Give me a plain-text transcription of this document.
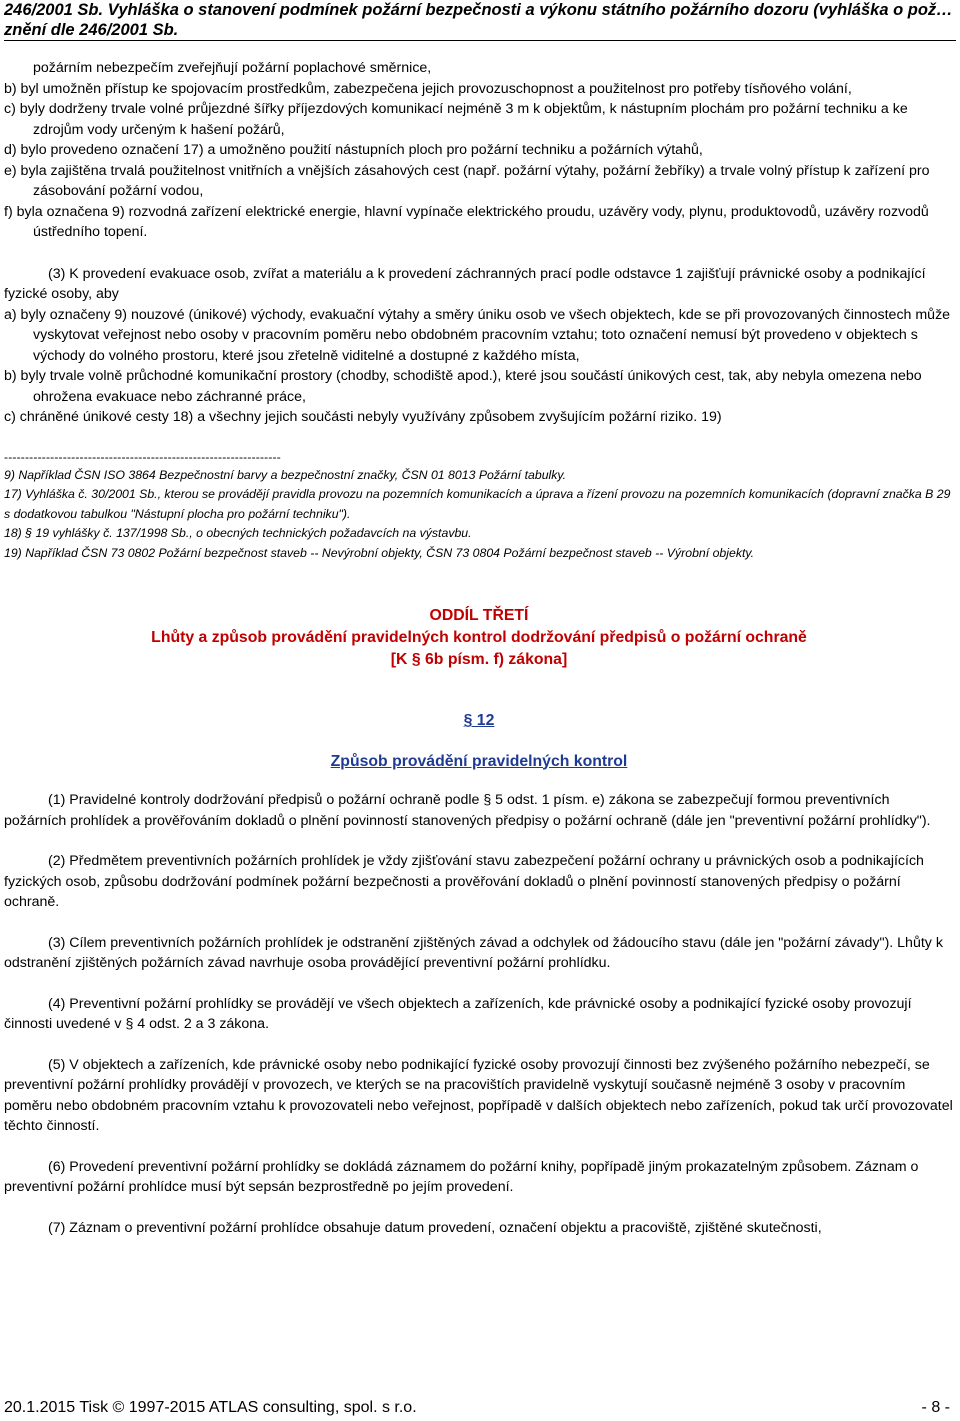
246/2001 Sb. Vyhláška o stanovení podmínek požární bezpečnosti a výkonu státního požárního dozoru (vyhláška o pož…
znění dle 246/2001 Sb.

požárním nebezpečím zveřejňují požární poplachové směrnice,

b) byl umožněn přístup ke spojovacím prostředkům, zabezpečena jejich provozuschopnost a použitelnost pro potřeby tísňového volání,

c) byly dodrženy trvale volné průjezdné šířky příjezdových komunikací nejméně 3 m k objektům, k nástupním plochám pro požární techniku a ke zdrojům vody určeným k hašení požárů,

d) bylo provedeno označení 17) a umožněno použití nástupních ploch pro požární techniku a požárních výtahů,

e) byla zajištěna trvalá použitelnost vnitřních a vnějších zásahových cest (např. požární výtahy, požární žebříky) a trvale volný přístup k zařízení pro zásobování požární vodou,

f) byla označena 9) rozvodná zařízení elektrické energie, hlavní vypínače elektrického proudu, uzávěry vody, plynu, produktovodů, uzávěry rozvodů ústředního topení.

(3) K provedení evakuace osob, zvířat a materiálu a k provedení záchranných prací podle odstavce 1 zajišťují právnické osoby a podnikající fyzické osoby, aby

a) byly označeny 9) nouzové (únikové) východy, evakuační výtahy a směry úniku osob ve všech objektech, kde se při provozovaných činnostech může vyskytovat veřejnost nebo osoby v pracovním poměru nebo obdobném pracovním vztahu; toto označení nemusí být provedeno v objektech s východy do volného prostoru, které jsou zřetelně viditelné a dostupné z každého místa,

b) byly trvale volně průchodné komunikační prostory (chodby, schodiště apod.), které jsou součástí únikových cest, tak, aby nebyla omezena nebo ohrožena evakuace nebo záchranné práce,

c) chráněné únikové cesty 18) a všechny jejich součásti nebyly využívány způsobem zvyšujícím požární riziko. 19)

------------------------------------------------------------------

9) Například ČSN ISO 3864 Bezpečnostní barvy a bezpečnostní značky, ČSN 01 8013 Požární tabulky.

17) Vyhláška č. 30/2001 Sb., kterou se provádějí pravidla provozu na pozemních komunikacích a úprava a řízení provozu na pozemních komunikacích (dopravní značka B 29 s dodatkovou tabulkou "Nástupní plocha pro požární techniku").

18) § 19 vyhlášky č. 137/1998 Sb., o obecných technických požadavcích na výstavbu.

19) Například ČSN 73 0802 Požární bezpečnost staveb -- Nevýrobní objekty, ČSN 73 0804 Požární bezpečnost staveb -- Výrobní objekty.

ODDÍL TŘETÍ

Lhůty a způsob provádění pravidelných kontrol dodržování předpisů o požární ochraně

[K § 6b písm. f) zákona]

§ 12

Způsob provádění pravidelných kontrol

(1) Pravidelné kontroly dodržování předpisů o požární ochraně podle § 5 odst. 1 písm. e) zákona se zabezpečují formou preventivních požárních prohlídek a prověřováním dokladů o plnění povinností stanovených předpisy o požární ochraně (dále jen "preventivní požární prohlídky").

(2) Předmětem preventivních požárních prohlídek je vždy zjišťování stavu zabezpečení požární ochrany u právnických osob a podnikajících fyzických osob, způsobu dodržování podmínek požární bezpečnosti a prověřování dokladů o plnění povinností stanovených předpisy o požární ochraně.

(3) Cílem preventivních požárních prohlídek je odstranění zjištěných závad a odchylek od žádoucího stavu (dále jen "požární závady"). Lhůty k odstranění zjištěných požárních závad navrhuje osoba provádějící preventivní požární prohlídku.

(4) Preventivní požární prohlídky se provádějí ve všech objektech a zařízeních, kde právnické osoby a podnikající fyzické osoby provozují činnosti uvedené v § 4 odst. 2 a 3 zákona.

(5) V objektech a zařízeních, kde právnické osoby nebo podnikající fyzické osoby provozují činnosti bez zvýšeného požárního nebezpečí, se preventivní požární prohlídky provádějí v provozech, ve kterých se na pracovištích pravidelně vyskytují současně nejméně 3 osoby v pracovním poměru nebo obdobném pracovním vztahu k provozovateli nebo veřejnost, popřípadě v dalších objektech nebo zařízeních, pokud tak určí provozovatel těchto činností.

(6) Provedení preventivní požární prohlídky se dokládá záznamem do požární knihy, popřípadě jiným prokazatelným způsobem. Záznam o preventivní požární prohlídce musí být sepsán bezprostředně po jejím provedení.

(7) Záznam o preventivní požární prohlídce obsahuje datum provedení, označení objektu a pracoviště, zjištěné skutečnosti,

20.1.2015 Tisk © 1997-2015 ATLAS consulting, spol. s r.o.	- 8 -
